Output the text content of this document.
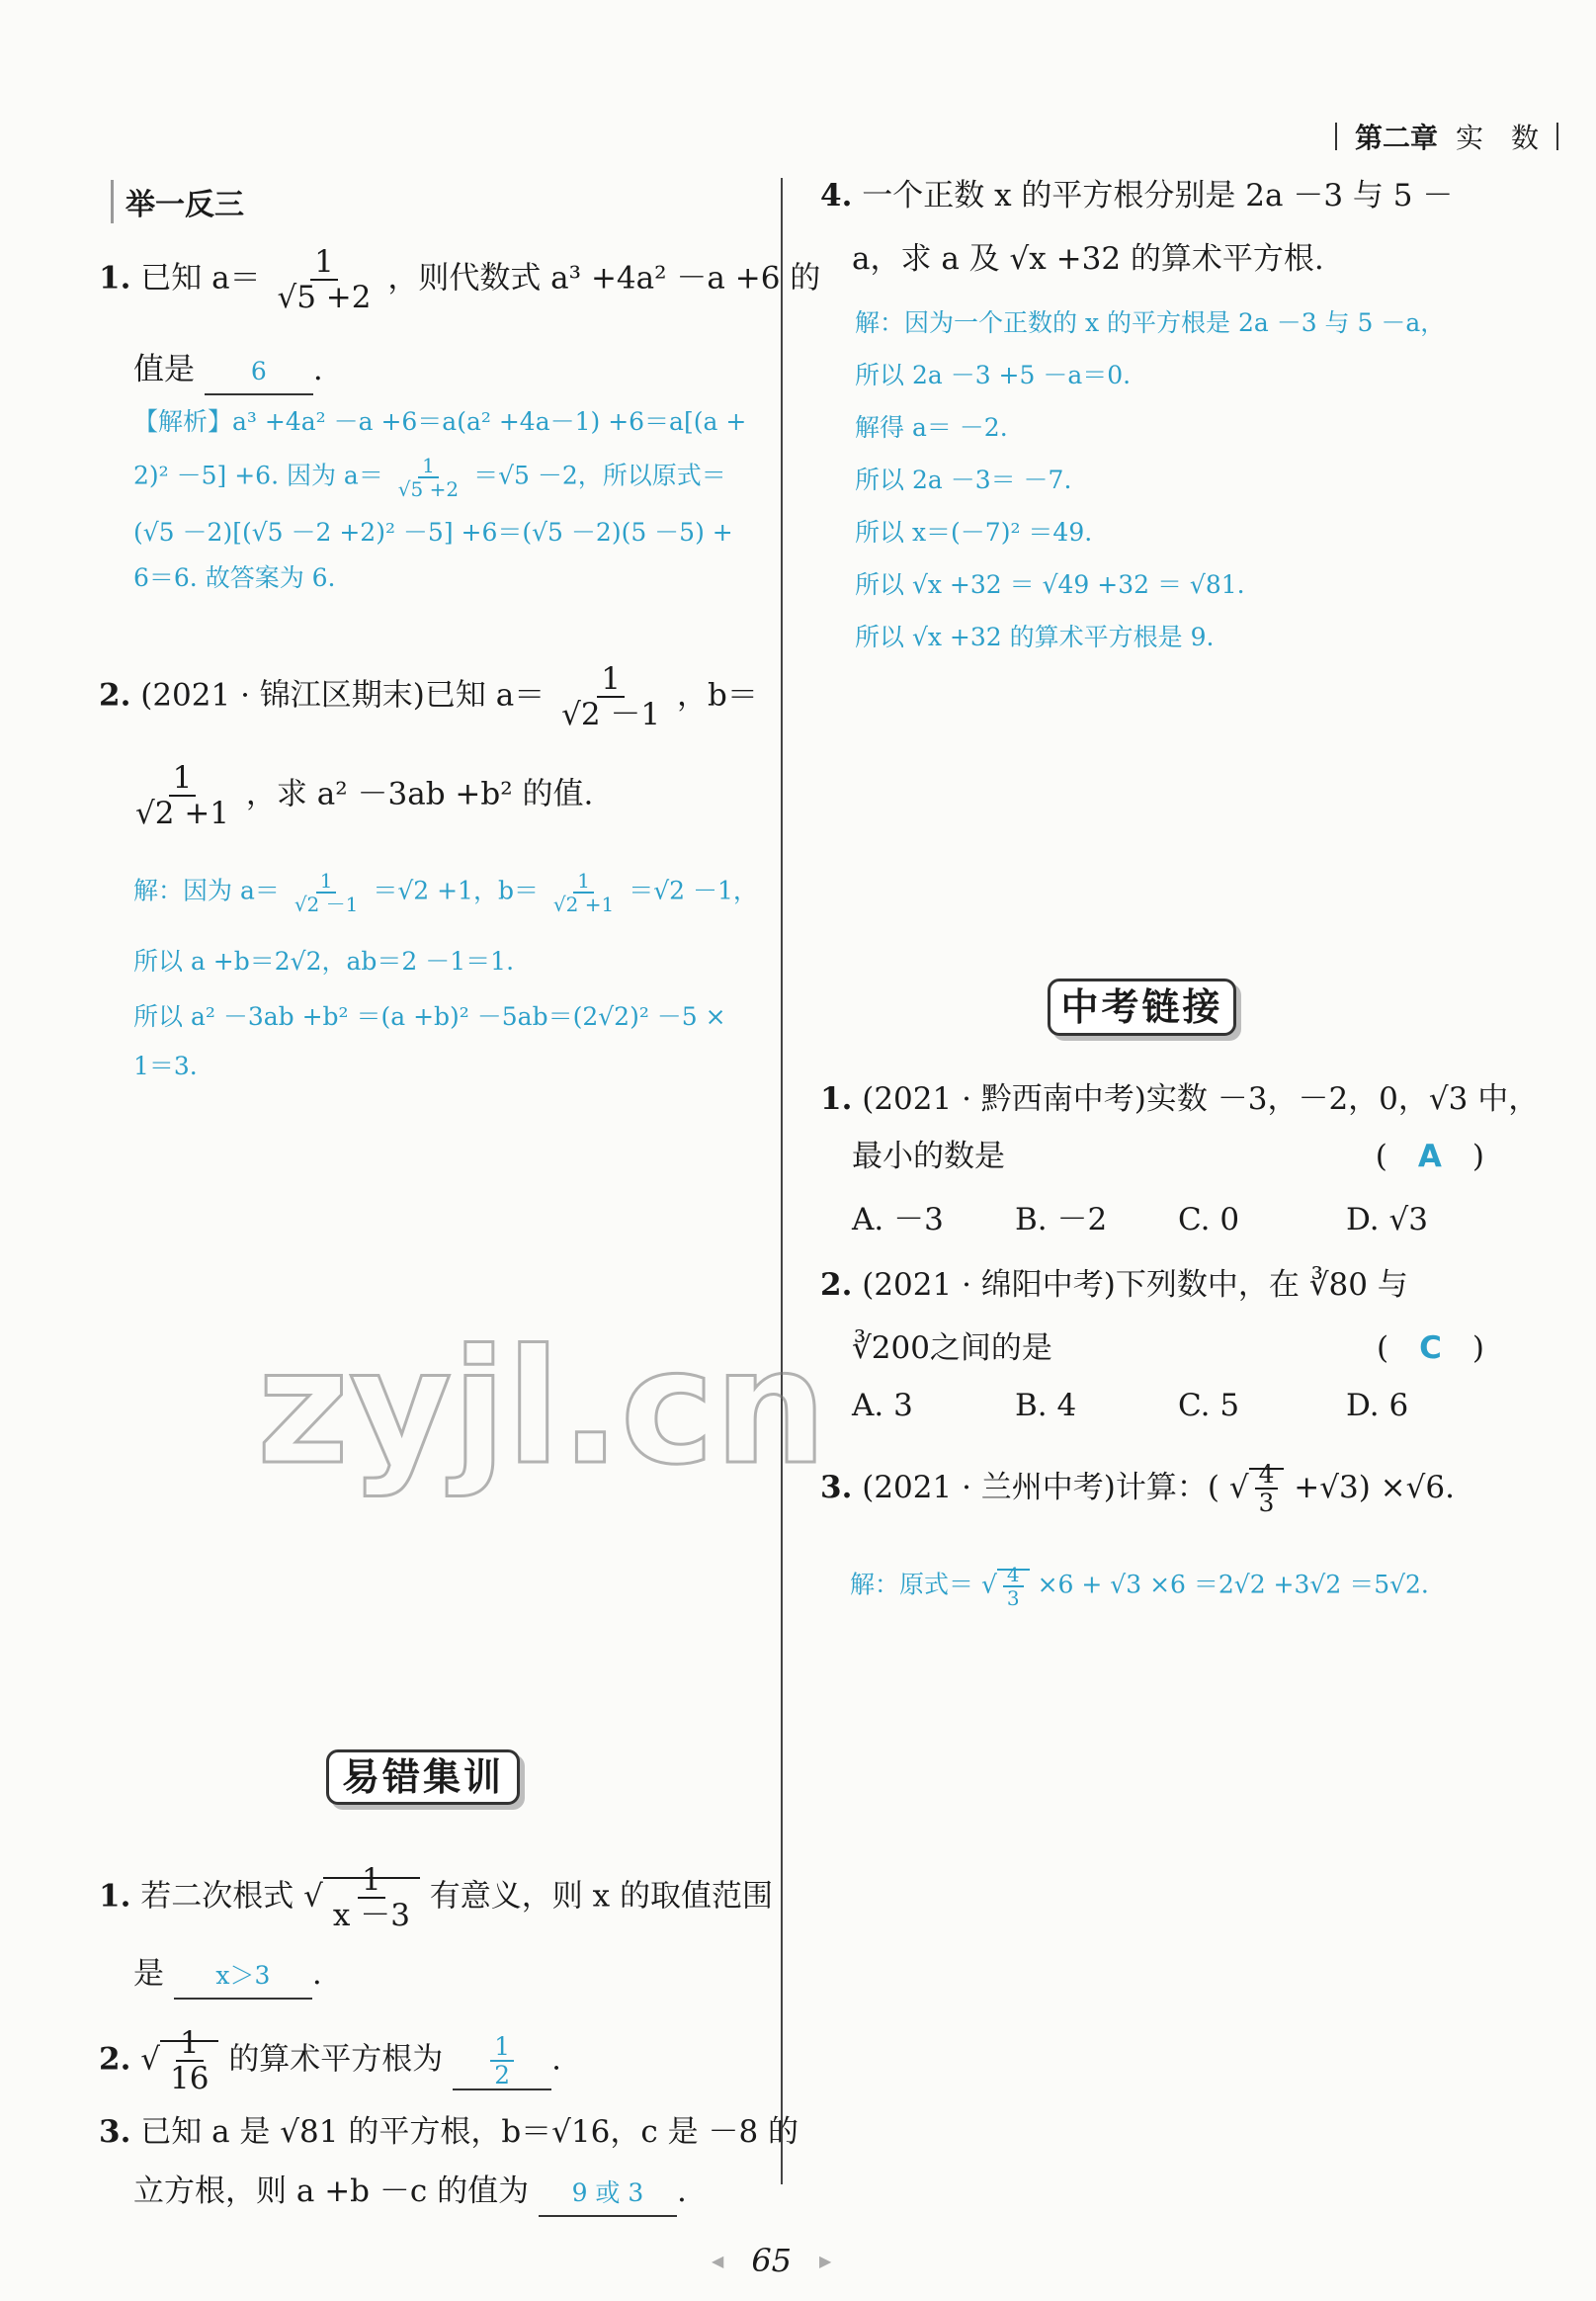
第二章 实　数
举一反三
1. 已知 $a= \frac{1}{√5 +2}$ ，则代数式 a³ +4a² －a +6 的
值是 6 .
【解析】a³ +4a² －a +6＝a(a² +4a－1) +6＝a[(a +
2)² －5] +6. 因为 $a= \frac{1}{√5 +2} =√5 -2$，所以原式＝
(√5 －2)[(√5 －2 +2)² －5] +6＝(√5 －2)(5 －5) +
6＝6. 故答案为 6.
2. (2021 · 锦江区期末)已知 $a= \frac{1}{√2 -1}$ ，b＝
$\frac{1}{√2 +1}$ ，求 a² －3ab +b² 的值.
解：因为 $a= \frac{1}{√2 -1} =√2 +1$，$b= \frac{1}{√2 +1} =√2 -1$，
所以 a +b＝2√2，ab＝2 －1＝1.
所以 a² －3ab +b² ＝(a +b)² －5ab＝(2√2)² －5 ×
1＝3.
zyjl.cn
易错集训
1. 若二次根式 √ $\frac{1}{x -3}$ 有意义，则 x 的取值范围
是 x＞3 .
2. √ $\frac{1}{16}$ 的算术平方根为 $\frac{1}{2}$ .
3. 已知 a 是 √81 的平方根，b＝√16，c 是 －8 的
立方根，则 a +b －c 的值为 9 或 3 .
4. 一个正数 x 的平方根分别是 2a －3 与 5 －
a，求 a 及 √x +32 的算术平方根.
解：因为一个正数的 x 的平方根是 2a －3 与 5 －a，
所以 2a －3 +5 －a＝0.
解得 a＝ －2.
所以 2a －3＝ －7.
所以 x＝(－7)² ＝49.
所以 √x +32 ＝ √49 +32 ＝ √81.
所以 √x +32 的算术平方根是 9.
中考链接
1. (2021 · 黔西南中考)实数 －3，－2，0，√3 中，
最小的数是	(　A　)
A. －3	B. －2	C. 0	D. √3
2. (2021 · 绵阳中考)下列数中，在 ∛80 与
∛200之间的是	(　C　)
A. 3	B. 4	C. 5	D. 6
3. (2021 · 兰州中考)计算：( √ $\frac{4}{3} +√3) \times√6$.
解：原式＝ √ $\frac{4}{3} \times 6 + √3 \times 6 =2√2 +3√2 =5√2$.
◀ 65 ▶
